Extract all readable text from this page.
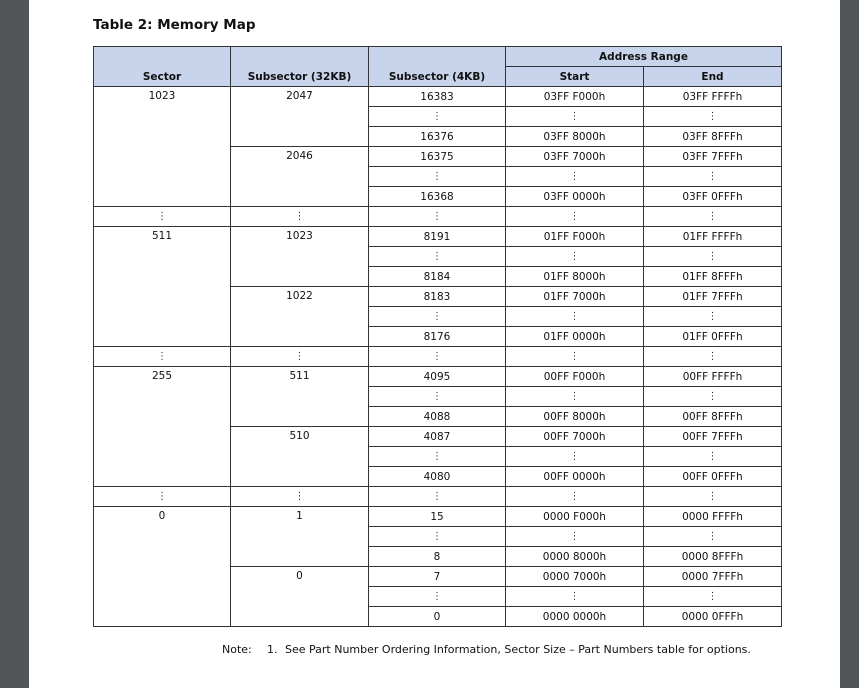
Table 2: Memory Map
Sector	Subsector (32KB)	Subsector (4KB)	Address Range	
			Start	End
1023	2047	16383	03FF F000h	03FF FFFFh
		⋮	⋮	⋮
		16376	03FF 8000h	03FF 8FFFh
	2046	16375	03FF 7000h	03FF 7FFFh
		⋮	⋮	⋮
		16368	03FF 0000h	03FF 0FFFh
⋮	⋮	⋮	⋮	⋮
511	1023	8191	01FF F000h	01FF FFFFh
		⋮	⋮	⋮
		8184	01FF 8000h	01FF 8FFFh
	1022	8183	01FF 7000h	01FF 7FFFh
		⋮	⋮	⋮
		8176	01FF 0000h	01FF 0FFFh
⋮	⋮	⋮	⋮	⋮
255	511	4095	00FF F000h	00FF FFFFh
		⋮	⋮	⋮
		4088	00FF 8000h	00FF 8FFFh
	510	4087	00FF 7000h	00FF 7FFFh
		⋮	⋮	⋮
		4080	00FF 0000h	00FF 0FFFh
⋮	⋮	⋮	⋮	⋮
0	1	15	0000 F000h	0000 FFFFh
		⋮	⋮	⋮
		8	0000 8000h	0000 8FFFh
	0	7	0000 7000h	0000 7FFFh
		⋮	⋮	⋮
		0	0000 0000h	0000 0FFFh
Note: 1. See Part Number Ordering Information, Sector Size – Part Numbers table for options.
